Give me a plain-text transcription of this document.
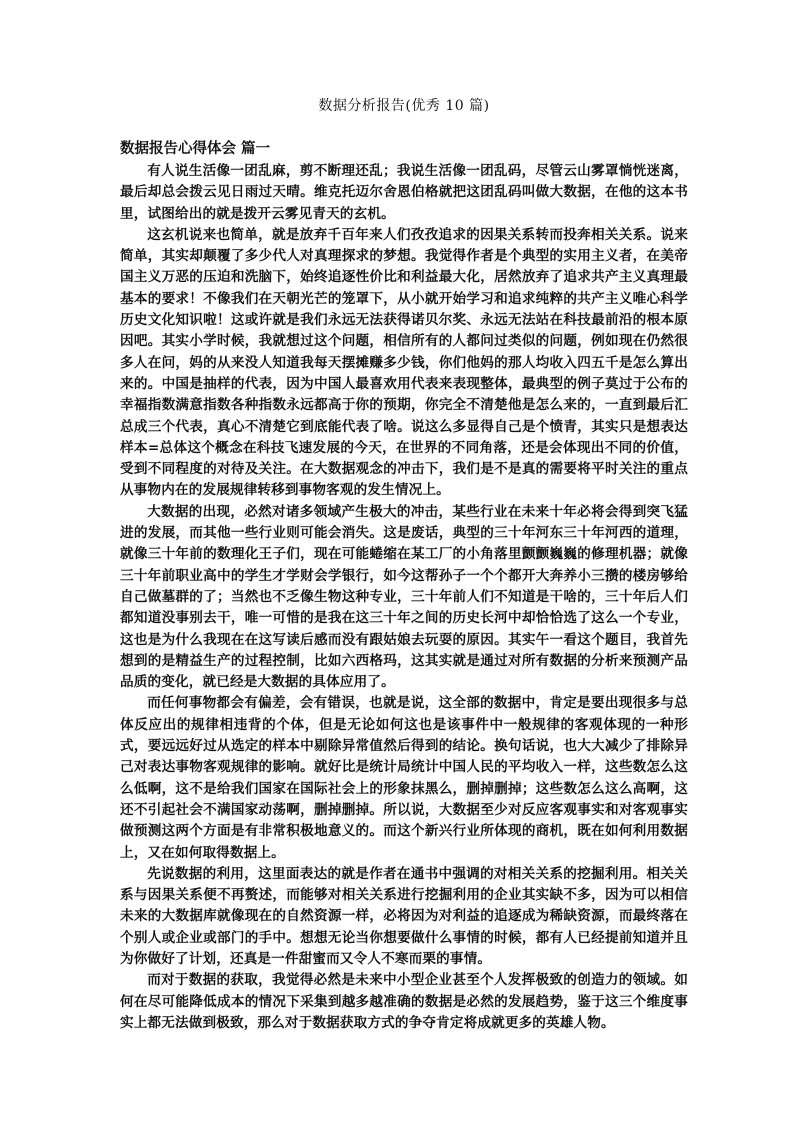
数据分析报告(优秀 10 篇)
数据报告心得体会 篇一

有人说生活像一团乱麻，剪不断理还乱；我说生活像一团乱码，尽管云山雾罩惝恍迷离，最后却总会拨云见日雨过天晴。维克托迈尔舍恩伯格就把这团乱码叫做大数据，在他的这本书里，试图给出的就是拨开云雾见青天的玄机。

这玄机说来也简单，就是放弃千百年来人们孜孜追求的因果关系转而投奔相关关系。说来简单，其实却颠覆了多少代人对真理探求的梦想。我觉得作者是个典型的实用主义者，在美帝国主义万恶的压迫和洗脑下，始终追逐性价比和利益最大化，居然放弃了追求共产主义真理最基本的要求！不像我们在天朝光芒的笼罩下，从小就开始学习和追求纯粹的共产主义唯心科学历史文化知识啦！这或许就是我们永远无法获得诺贝尔奖、永远无法站在科技最前沿的根本原因吧。其实小学时候，我就想过这个问题，相信所有的人都问过类似的问题，例如现在仍然很多人在问，妈的从来没人知道我每天摆摊赚多少钱，你们他妈的那人均收入四五千是怎么算出来的。中国是抽样的代表，因为中国人最喜欢用代表来表现整体，最典型的例子莫过于公布的幸福指数满意指数各种指数永远都高于你的预期，你完全不清楚他是怎么来的，一直到最后汇总成三个代表，真心不清楚它到底能代表了啥。说这么多显得自己是个愤青，其实只是想表达样本=总体这个概念在科技飞速发展的今天，在世界的不同角落，还是会体现出不同的价值，受到不同程度的对待及关注。在大数据观念的冲击下，我们是不是真的需要将平时关注的重点从事物内在的发展规律转移到事物客观的发生情况上。

大数据的出现，必然对诸多领域产生极大的冲击，某些行业在未来十年必将会得到突飞猛进的发展，而其他一些行业则可能会消失。这是废话，典型的三十年河东三十年河西的道理，就像三十年前的数理化王子们，现在可能蜷缩在某工厂的小角落里颤颤巍巍的修理机器；就像三十年前职业高中的学生才学财会学银行，如今这帮孙子一个个都开大奔养小三攒的楼房够给自己做墓群的了；当然也不乏像生物这种专业，三十年前人们不知道是干啥的，三十年后人们都知道没事别去干，唯一可惜的是我在这三十年之间的历史长河中却恰恰选了这么一个专业，这也是为什么我现在在这写读后感而没有跟姑娘去玩耍的原因。其实午一看这个题目，我首先想到的是精益生产的过程控制，比如六西格玛，这其实就是通过对所有数据的分析来预测产品品质的变化，就已经是大数据的具体应用了。

而任何事物都会有偏差，会有错误，也就是说，这全部的数据中，肯定是要出现很多与总体反应出的规律相违背的个体，但是无论如何这也是该事件中一般规律的客观体现的一种形式，要远远好过从选定的样本中剔除异常值然后得到的结论。换句话说，也大大减少了排除异己对表达事物客观规律的影响。就好比是统计局统计中国人民的平均收入一样，这些数怎么这么低啊，这不是给我们国家在国际社会上的形象抹黑么，删掉删掉；这些数怎么这么高啊，这还不引起社会不满国家动荡啊，删掉删掉。所以说，大数据至少对反应客观事实和对客观事实做预测这两个方面是有非常积极地意义的。而这个新兴行业所体现的商机，既在如何利用数据上，又在如何取得数据上。

先说数据的利用，这里面表达的就是作者在通书中强调的对相关关系的挖掘利用。相关关系与因果关系便不再赘述，而能够对相关关系进行挖掘利用的企业其实缺不多，因为可以相信未来的大数据库就像现在的自然资源一样，必将因为对利益的追逐成为稀缺资源，而最终落在个别人或企业或部门的手中。想想无论当你想要做什么事情的时候，都有人已经提前知道并且为你做好了计划，还真是一件甜蜜而又令人不寒而栗的事情。

而对于数据的获取，我觉得必然是未来中小型企业甚至个人发挥极致的创造力的领域。如何在尽可能降低成本的情况下采集到越多越准确的数据是必然的发展趋势，鉴于这三个维度事实上都无法做到极致，那么对于数据获取方式的争夺肯定将成就更多的英雄人物。
